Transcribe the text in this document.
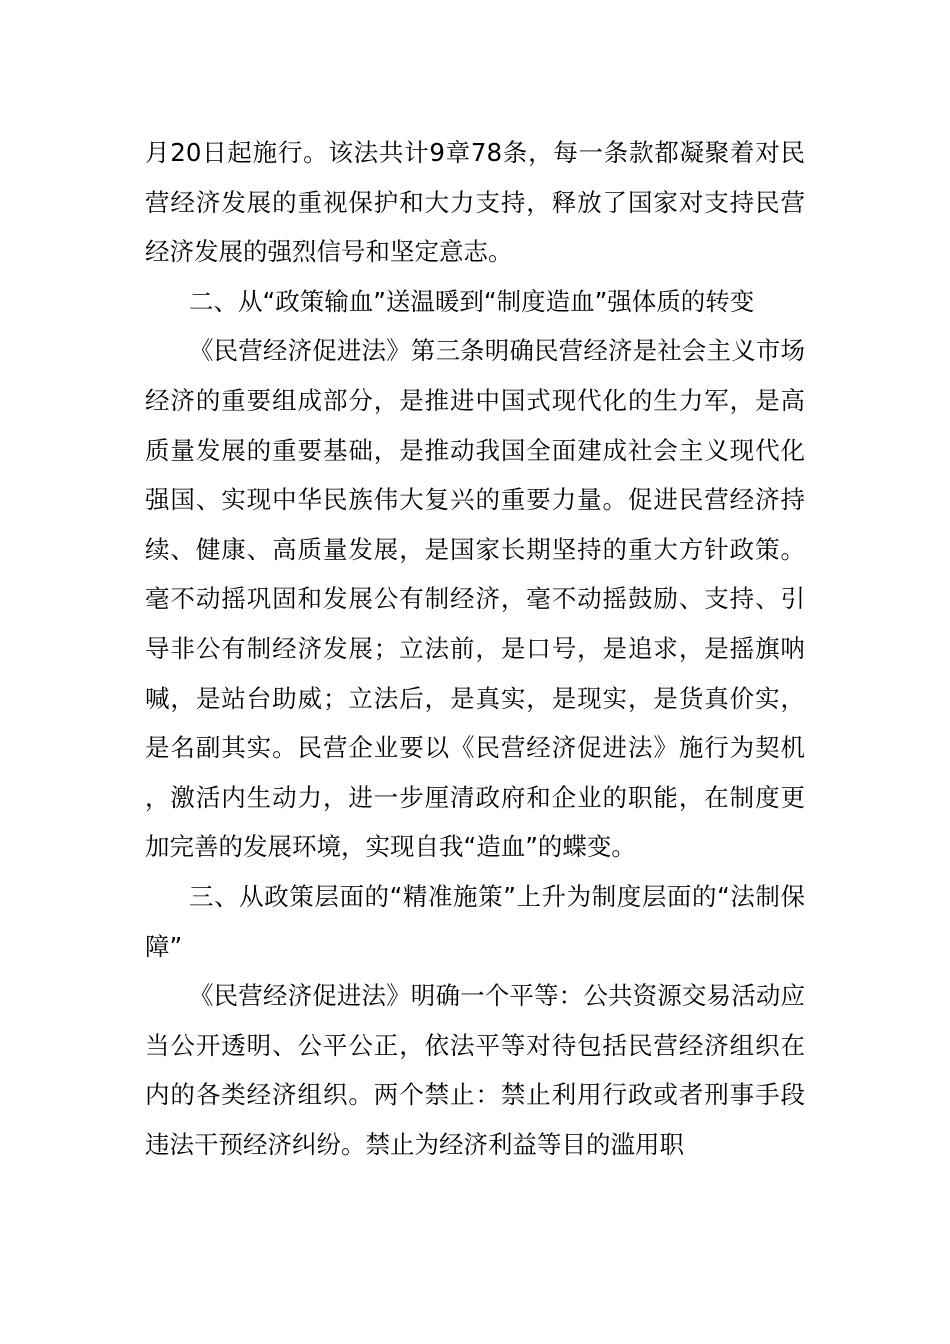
月20日起施行。该法共计9章78条，每一条款都凝聚着对民营经济发展的重视保护和大力支持，释放了国家对支持民营经济发展的强烈信号和坚定意志。

二、从“政策输血”送温暖到“制度造血”强体质的转变

《民营经济促进法》第三条明确民营经济是社会主义市场经济的重要组成部分，是推进中国式现代化的生力军，是高质量发展的重要基础，是推动我国全面建成社会主义现代化强国、实现中华民族伟大复兴的重要力量。促进民营经济持续、健康、高质量发展，是国家长期坚持的重大方针政策。毫不动摇巩固和发展公有制经济，毫不动摇鼓励、支持、引导非公有制经济发展；立法前，是口号，是追求，是摇旗呐喊，是站台助威；立法后，是真实，是现实，是货真价实，是名副其实。民营企业要以《民营经济促进法》施行为契机，激活内生动力，进一步厘清政府和企业的职能，在制度更加完善的发展环境，实现自我“造血”的蝶变。

三、从政策层面的“精准施策”上升为制度层面的“法制保障”

《民营经济促进法》明确一个平等：公共资源交易活动应当公开透明、公平公正，依法平等对待包括民营经济组织在内的各类经济组织。两个禁止：禁止利用行政或者刑事手段违法干预经济纠纷。禁止为经济利益等目的滥用职
